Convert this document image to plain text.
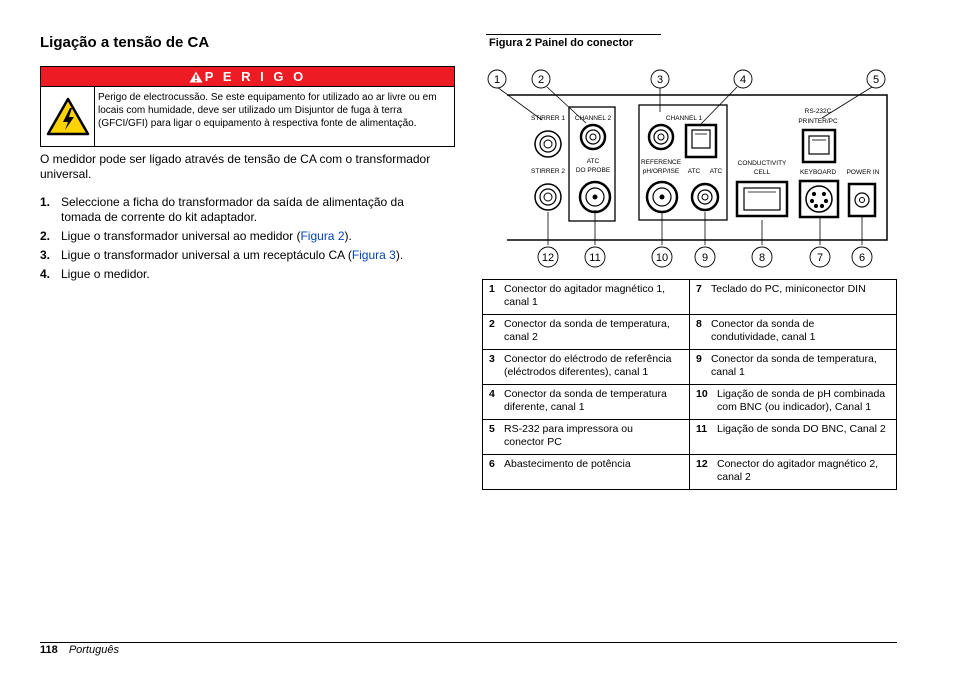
Ligação a tensão de CA
P E R I G O
Perigo de electrocussão. Se este equipamento for utilizado ao ar livre ou em locais com humidade, deve ser utilizado um Disjuntor de fuga à terra (GFCI/GFI) para ligar o equipamento à respectiva fonte de alimentação.
O medidor pode ser ligado através de tensão de CA com o transformador universal.
1. Seleccione a ficha do transformador da saída de alimentação da tomada de corrente do kit adaptador.
2. Ligue o transformador universal ao medidor (Figura 2).
3. Ligue o transformador universal a um receptáculo CA (Figura 3).
4. Ligue o medidor.
Figura 2 Painel do conector
1	2	3	4	5
12	11	10	9	8	7	6
STIRRER 1
STIRRER 2
CHANNEL 2
ATC
DO PROBE
CHANNEL 1
REFERENCE
pH/ORP/ISE ATC ATC
CONDUCTIVITY
CELL
RS-232C
PRINTER/PC
KEYBOARD POWER IN
1 Conector do agitador magnético 1, canal 1	7 Teclado do PC, miniconector DIN
2 Conector da sonda de temperatura, canal 2	8 Conector da sonda de condutividade, canal 1
3 Conector do eléctrodo de referência (eléctrodos diferentes), canal 1	9 Conector da sonda de temperatura, canal 1
4 Conector da sonda de temperatura diferente, canal 1	10 Ligação de sonda de pH combinada com BNC (ou indicador), Canal 1
5 RS-232 para impressora ou conector PC	11 Ligação de sonda DO BNC, Canal 2
6 Abastecimento de potência	12 Conector do agitador magnético 2, canal 2
118 Português
